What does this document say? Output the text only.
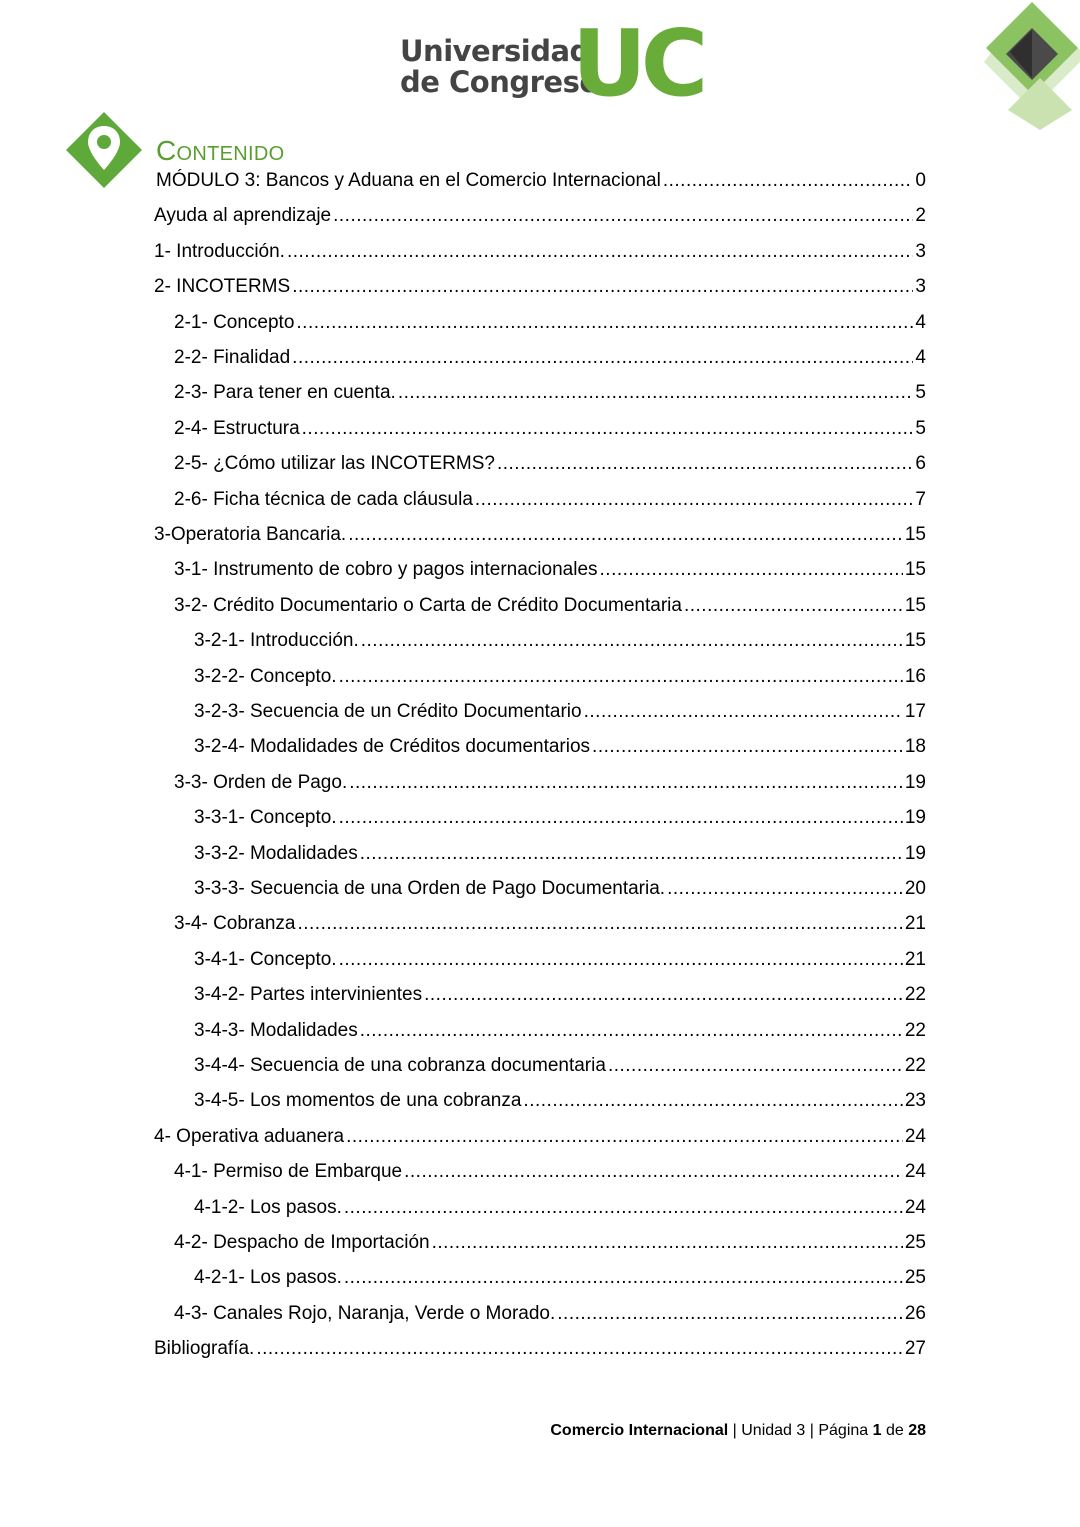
Universidad
de Congreso
UC
Contenido
MÓDULO 3: Bancos y Aduana en el Comercio Internacional .....	0
Ayuda al aprendizaje .....	2
1- Introducción. .....	3
2- INCOTERMS .....	3
2-1- Concepto .....	4
2-2- Finalidad .....	4
2-3- Para tener en cuenta. .....	5
2-4- Estructura .....	5
2-5- ¿Cómo utilizar las INCOTERMS? .....	6
2-6- Ficha técnica de cada cláusula .....	7
3-Operatoria Bancaria. .....	15
3-1- Instrumento de cobro y pagos internacionales .....	15
3-2- Crédito Documentario o Carta de Crédito Documentaria .....	15
3-2-1- Introducción. .....	15
3-2-2- Concepto. .....	16
3-2-3- Secuencia de un Crédito Documentario .....	17
3-2-4- Modalidades de Créditos documentarios .....	18
3-3- Orden de Pago. .....	19
3-3-1- Concepto. .....	19
3-3-2- Modalidades .....	19
3-3-3- Secuencia de una Orden de Pago Documentaria. .....	20
3-4- Cobranza .....	21
3-4-1- Concepto. .....	21
3-4-2- Partes intervinientes .....	22
3-4-3- Modalidades .....	22
3-4-4- Secuencia de una cobranza documentaria .....	22
3-4-5- Los momentos de una cobranza .....	23
4- Operativa aduanera .....	24
4-1- Permiso de Embarque .....	24
4-1-2- Los pasos. .....	24
4-2- Despacho de Importación .....	25
4-2-1- Los pasos. .....	25
4-3- Canales Rojo, Naranja, Verde o Morado. .....	26
Bibliografía. .....	27
Comercio Internacional | Unidad 3 | Página 1 de 28
